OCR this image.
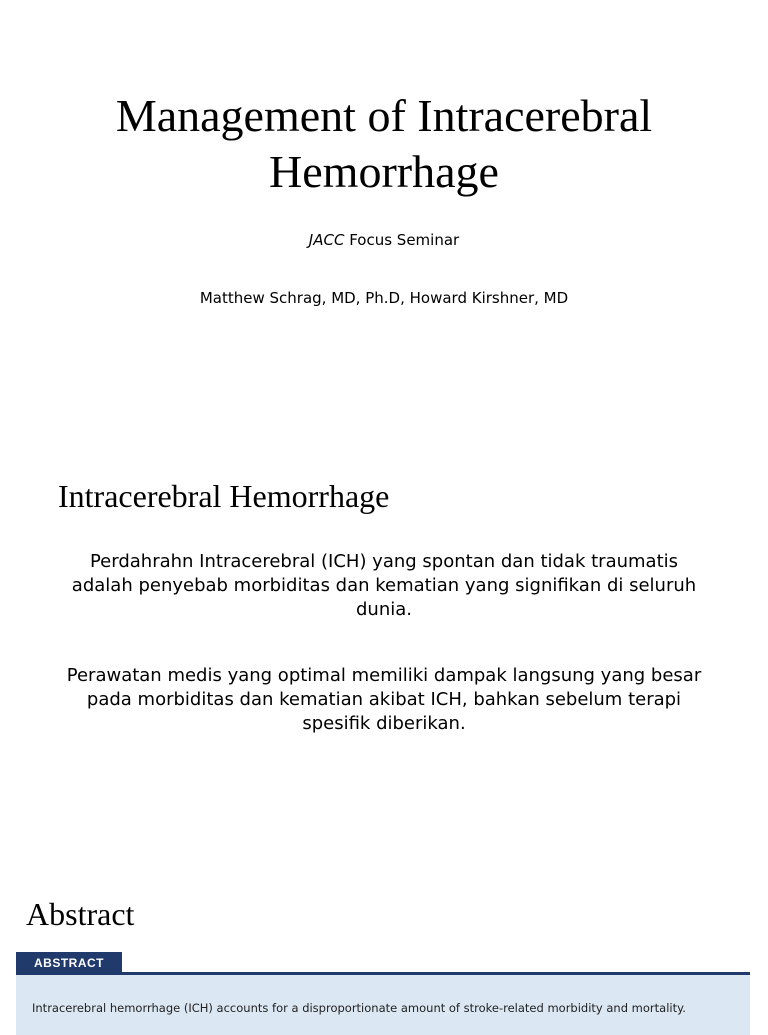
Management of Intracerebral
Hemorrhage
JACC Focus Seminar
Matthew Schrag, MD, Ph.D, Howard Kirshner, MD
Intracerebral Hemorrhage

Perdahrahn Intracerebral (ICH) yang spontan dan tidak traumatis adalah penyebab morbiditas dan kematian yang signifikan di seluruh dunia.

Perawatan medis yang optimal memiliki dampak langsung yang besar pada morbiditas dan kematian akibat ICH, bahkan sebelum terapi spesifik diberikan.

Abstract
ABSTRACT

Intracerebral hemorrhage (ICH) accounts for a disproportionate amount of stroke-related morbidity and mortality.
